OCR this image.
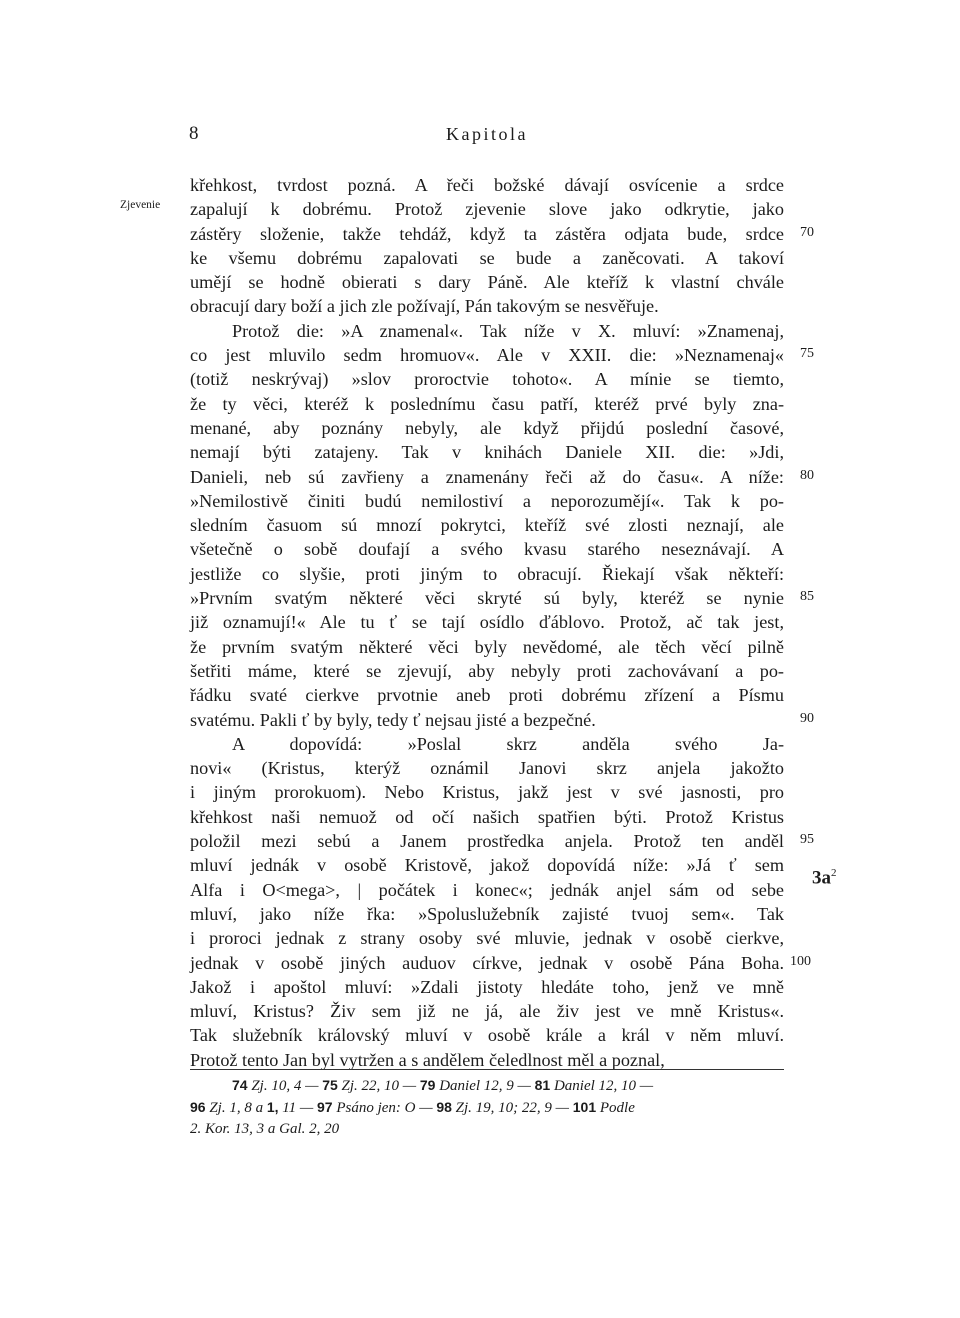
8	Kapitola
Zjevenie
křehkost, tvrdost pozná. A řeči božské dávají osvícenie a srdce
zapalují k dobrému. Protož zjevenie slove jako odkrytie, jako
zástěry složenie, takže tehdáž, když ta zástěra odjata bude, srdce
ke všemu dobrému zapalovati se bude a zaněcovati. A takoví
umějí se hodně obierati s dary Páně. Ale kteříž k vlastní chvále
obracují dary boží a jich zle požívají, Pán takovým se nesvěřuje.
Protož die: »A znamenal«. Tak níže v X. mluví: »Znamenaj,
co jest mluvilo sedm hromuov«. Ale v XXII. die: »Neznamenaj«
(totiž neskrývaj) »slov proroctvie tohoto«. A mínie se tiemto,
že ty věci, kteréž k poslednímu času patří, kteréž prvé byly zna-
menané, aby poznány nebyly, ale když přijdú poslední časové,
nemají býti zatajeny. Tak v knihách Daniele XII. die: »Jdi,
Danieli, neb sú zavřieny a znamenány řeči až do času«. A níže:
»Nemilostivě činiti budú nemilostiví a neporozumějí«. Tak k po-
sledním časuom sú mnozí pokrytci, kteříž své zlosti neznají, ale
všetečně o sobě doufají a svého kvasu starého neseznávají. A
jestliže co slyšie, proti jiným to obracují. Řiekají však někteří:
»Prvním svatým některé věci skryté sú byly, kteréž se nynie
již oznamují!« Ale tu ť se tají osídlo ďáblovo. Protož, ač tak jest,
že prvním svatým některé věci byly nevědomé, ale těch věcí pilně
šetřiti máme, které se zjevují, aby nebyly proti zachovávaní a po-
řádku svaté cierkve prvotnie aneb proti dobrému zřízení a Písmu
svatému. Pakli ť by byly, tedy ť nejsau jisté a bezpečné.
A dopovídá: »Poslal skrz anděla svého Ja-
novi« (Kristus, kterýž oznámil Janovi skrz anjela jakožto
i jiným prorokuom). Nebo Kristus, jakž jest v své jasnosti, pro
křehkost naši nemuož od očí našich spatřien býti. Protož Kristus
položil mezi sebú a Janem prostředka anjela. Protož ten anděl
mluví jednák v osobě Kristově, jakož dopovídá níže: »Já ť sem
Alfa i O<mega>, | počátek i konec«; jednák anjel sám od sebe
mluví, jako níže řka: »Spoluslužebník zajisté tvuoj sem«. Tak
i proroci jednak z strany osoby své mluvie, jednak v osobě cierkve,
jednak v osobě jiných auduov církve, jednak v osobě Pána Boha.
Jakož i apoštol mluví: »Zdali jistoty hledáte toho, jenž ve mně
mluví, Kristus? Živ sem již ne já, ale živ jest ve mně Kristus«.
Tak služebník královský mluví v osobě krále a král v něm mluví.
Protož tento Jan byl vytržen a s andělem čeledlnost měl a poznal,
70
75
80
85
90
95
100
$3a^2$
74 Zj. 10, 4 — 75 Zj. 22, 10 — 79 Daniel 12, 9 — 81 Daniel 12, 10 —
96 Zj. 1, 8 a 1, 11 — 97 Psáno jen: O — 98 Zj. 19, 10; 22, 9 — 101 Podle
2. Kor. 13, 3 a Gal. 2, 20
